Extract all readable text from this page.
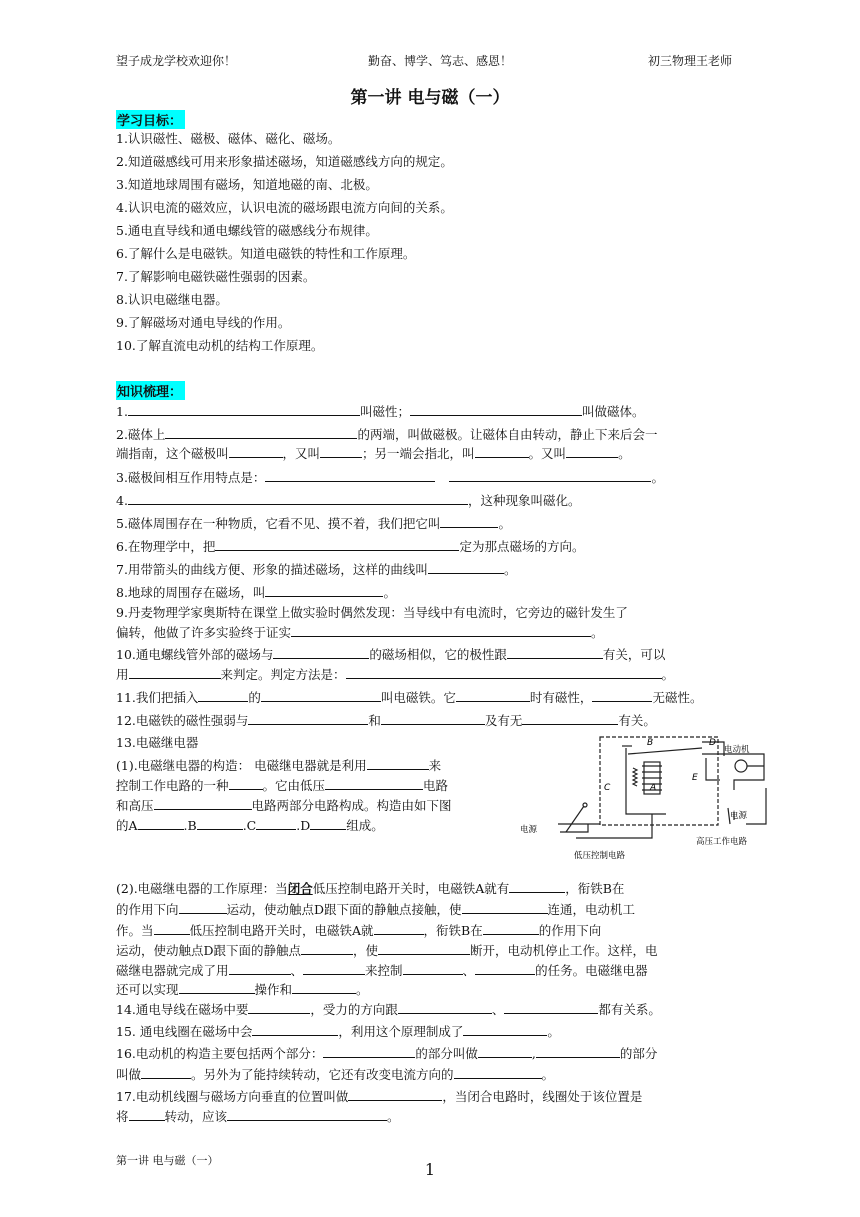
望子成龙学校欢迎你！	勤奋、博学、笃志、感恩！	初三物理王老师
第一讲 电与磁（一）
学习目标：
1.认识磁性、磁极、磁体、磁化、磁场。
2.知道磁感线可用来形象描述磁场，知道磁感线方向的规定。
3.知道地球周围有磁场，知道地磁的南、北极。
4.认识电流的磁效应，认识电流的磁场跟电流方向间的关系。
5.通电直导线和通电螺线管的磁感线分布规律。
6.了解什么是电磁铁。知道电磁铁的特性和工作原理。
7.了解影响电磁铁磁性强弱的因素。
8.认识电磁继电器。
9.了解磁场对通电导线的作用。
10.了解直流电动机的结构工作原理。
知识梳理：
1.	叫磁性；	叫做磁体。
2.磁体上	的两端，叫做磁极。让磁体自由转动，静止下来后会一
端指南，这个磁极叫	，又叫	；另一端会指北，叫	。又叫	。
3.磁极间相互作用特点是：	。
4.	，这种现象叫磁化。
5.磁体周围存在一种物质，它看不见、摸不着，我们把它叫	。
6.在物理学中，把	定为那点磁场的方向。
7.用带箭头的曲线方便、形象的描述磁场，这样的曲线叫	。
8.地球的周围存在磁场，叫	。
9.丹麦物理学家奥斯特在课堂上做实验时偶然发现：当导线中有电流时，它旁边的磁针发生了
偏转，他做了许多实验终于证实	。
10.通电螺线管外部的磁场与	的磁场相似，它的极性跟	有关，可以
用	来判定。判定方法是：	。
11.我们把插入	的	叫电磁铁。它	时有磁性，	无磁性。
12.电磁铁的磁性强弱与	和	及有无	有关。
13.电磁继电器
(1).电磁继电器的构造： 电磁继电器就是利用	来
控制工作电路的一种	。它由低压	电路
和高压	电路两部分电路构成。构造由如下图
的A	.B	.C	.D	组成。
B	D
A
C
E
电动机
电源
电源
低压控制电路
高压工作电路
(2).电磁继电器的工作原理：当闭合低压控制电路开关时，电磁铁A就有	，衔铁B在
的作用下向	运动，使动触点D跟下面的静触点接触，使	连通，电动机工
作。当	低压控制电路开关时，电磁铁A就	，衔铁B在	的作用下向
运动，使动触点D跟下面的静触点	，使	断开，电动机停止工作。这样，电
磁继电器就完成了用	、	来控制	、	的任务。电磁继电器
还可以实现	操作和	。
14.通电导线在磁场中要	，受力的方向跟	、	都有关系。
15. 通电线圈在磁场中会	，利用这个原理制成了	。
16.电动机的构造主要包括两个部分：	的部分叫做	,	的部分
叫做	。另外为了能持续转动，它还有改变电流方向的	。
17.电动机线圈与磁场方向垂直的位置叫做	，当闭合电路时，线圈处于该位置是
将	转动，应该	。
第一讲 电与磁（一）	1
